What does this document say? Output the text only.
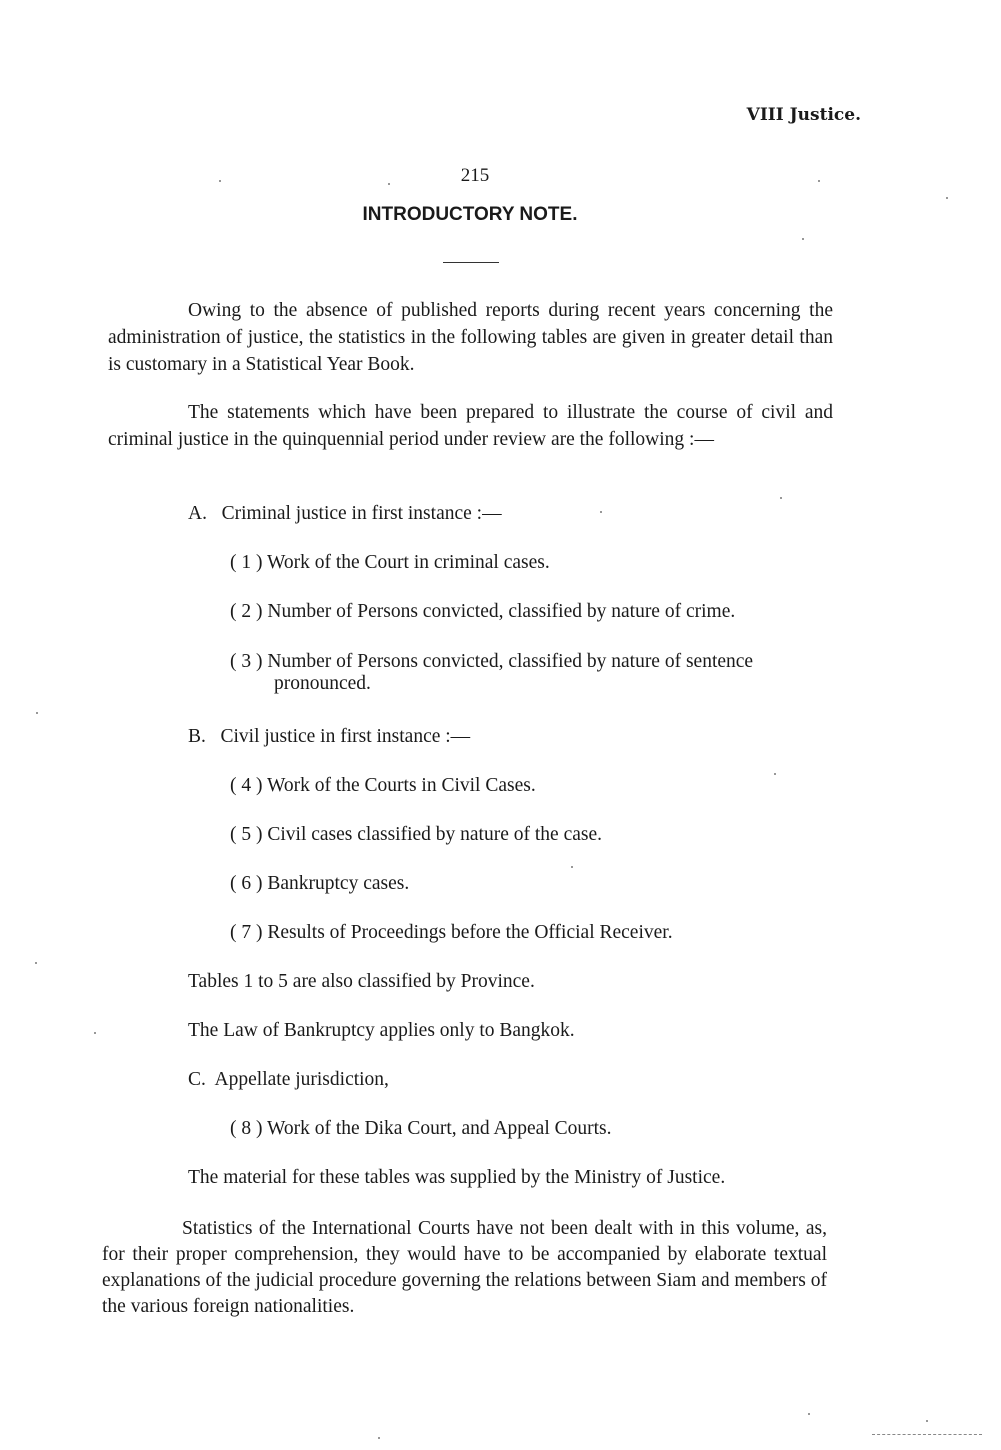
VIII Justice.
215
INTRODUCTORY NOTE.

Owing to the absence of published reports during recent years concerning the administration of justice, the statistics in the following tables are given in greater detail than is customary in a Statistical Year Book.

The statements which have been prepared to illustrate the course of civil and criminal justice in the quinquennial period under review are the following :—

A.   Criminal justice in first instance :—
( 1 ) Work of the Court in criminal cases.
( 2 ) Number of Persons convicted, classified by nature of crime.
( 3 ) Number of Persons convicted, classified by nature of sentence
pronounced.
B.   Civil justice in first instance :—
( 4 ) Work of the Courts in Civil Cases.
( 5 ) Civil cases classified by nature of the case.
( 6 ) Bankruptcy cases.
( 7 ) Results of Proceedings before the Official Receiver.
Tables 1 to 5 are also classified by Province.
The Law of Bankruptcy applies only to Bangkok.
C.  Appellate jurisdiction,
( 8 ) Work of the Dika Court, and Appeal Courts.
The material for these tables was supplied by the Ministry of Justice.

Statistics of the International Courts have not been dealt with in this volume, as, for their proper comprehension, they would have to be accompanied by elaborate textual explanations of the judicial procedure governing the relations between Siam and members of the various foreign nationalities.
